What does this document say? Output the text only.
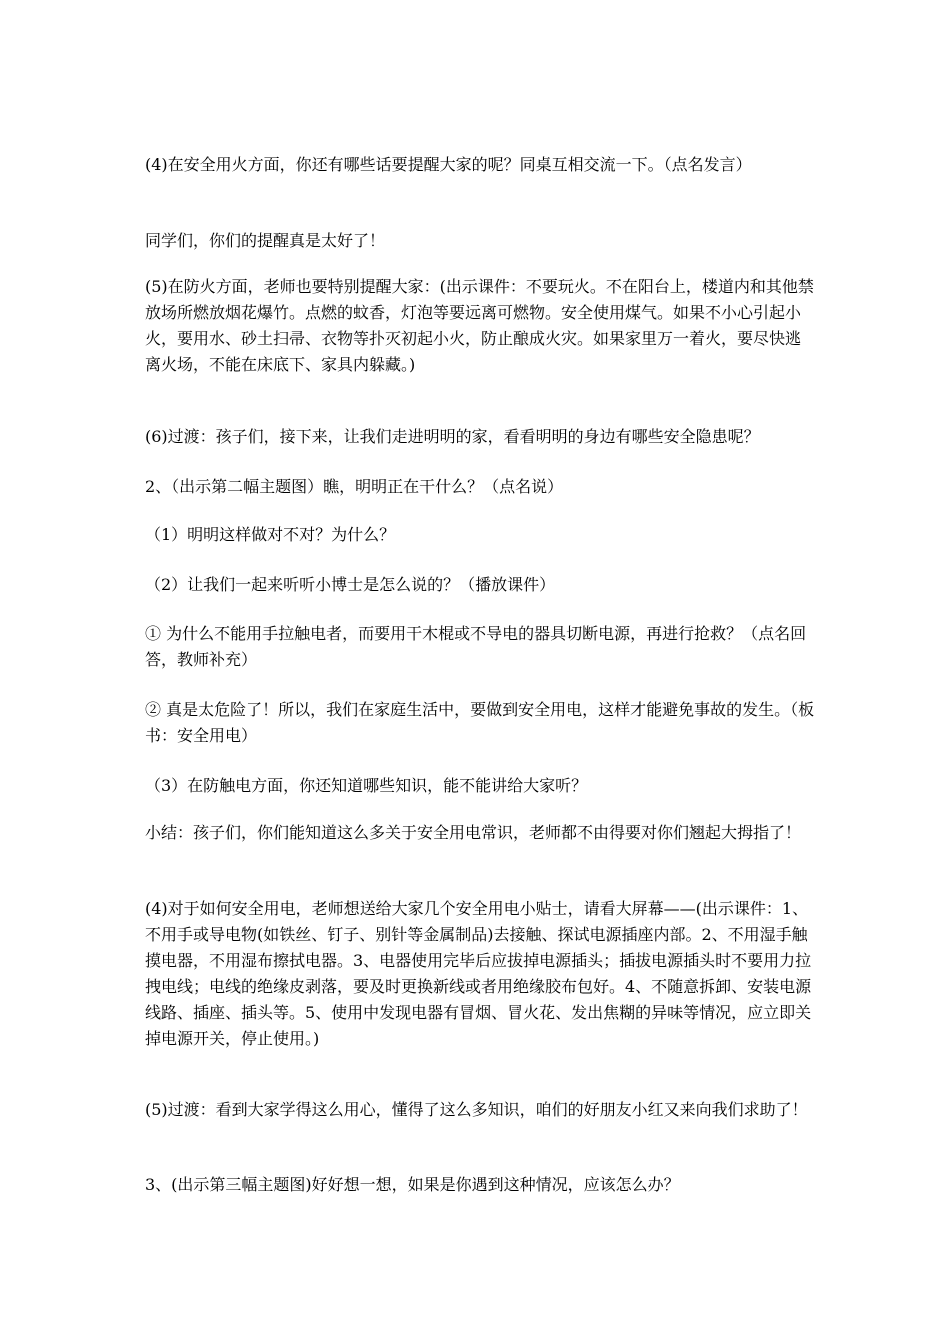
(4)在安全用火方面，你还有哪些话要提醒大家的呢？同桌互相交流一下。（点名发言）

同学们，你们的提醒真是太好了！

(5)在防火方面，老师也要特别提醒大家：(出示课件：不要玩火。不在阳台上，楼道内和其他禁放场所燃放烟花爆竹。点燃的蚊香，灯泡等要远离可燃物。安全使用煤气。如果不小心引起小火，要用水、砂土扫帚、衣物等扑灭初起小火，防止酿成火灾。如果家里万一着火，要尽快逃离火场，不能在床底下、家具内躲藏。)

(6)过渡：孩子们，接下来，让我们走进明明的家，看看明明的身边有哪些安全隐患呢？

2、（出示第二幅主题图）瞧，明明正在干什么？（点名说）

（1）明明这样做对不对？为什么？

（2）让我们一起来听听小博士是怎么说的？（播放课件）

① 为什么不能用手拉触电者，而要用干木棍或不导电的器具切断电源，再进行抢救？（点名回答，教师补充）

② 真是太危险了！所以，我们在家庭生活中，要做到安全用电，这样才能避免事故的发生。（板书：安全用电）

（3）在防触电方面，你还知道哪些知识，能不能讲给大家听？

小结：孩子们，你们能知道这么多关于安全用电常识，老师都不由得要对你们翘起大拇指了！

(4)对于如何安全用电，老师想送给大家几个安全用电小贴士，请看大屏幕——(出示课件：1、不用手或导电物(如铁丝、钉子、别针等金属制品)去接触、探试电源插座内部。2、不用湿手触摸电器，不用湿布擦拭电器。3、电器使用完毕后应拔掉电源插头；插拔电源插头时不要用力拉拽电线；电线的绝缘皮剥落，要及时更换新线或者用绝缘胶布包好。4、不随意拆卸、安装电源线路、插座、插头等。5、使用中发现电器有冒烟、冒火花、发出焦糊的异味等情况，应立即关掉电源开关，停止使用。)

(5)过渡：看到大家学得这么用心，懂得了这么多知识，咱们的好朋友小红又来向我们求助了！

3、(出示第三幅主题图)好好想一想，如果是你遇到这种情况，应该怎么办？
